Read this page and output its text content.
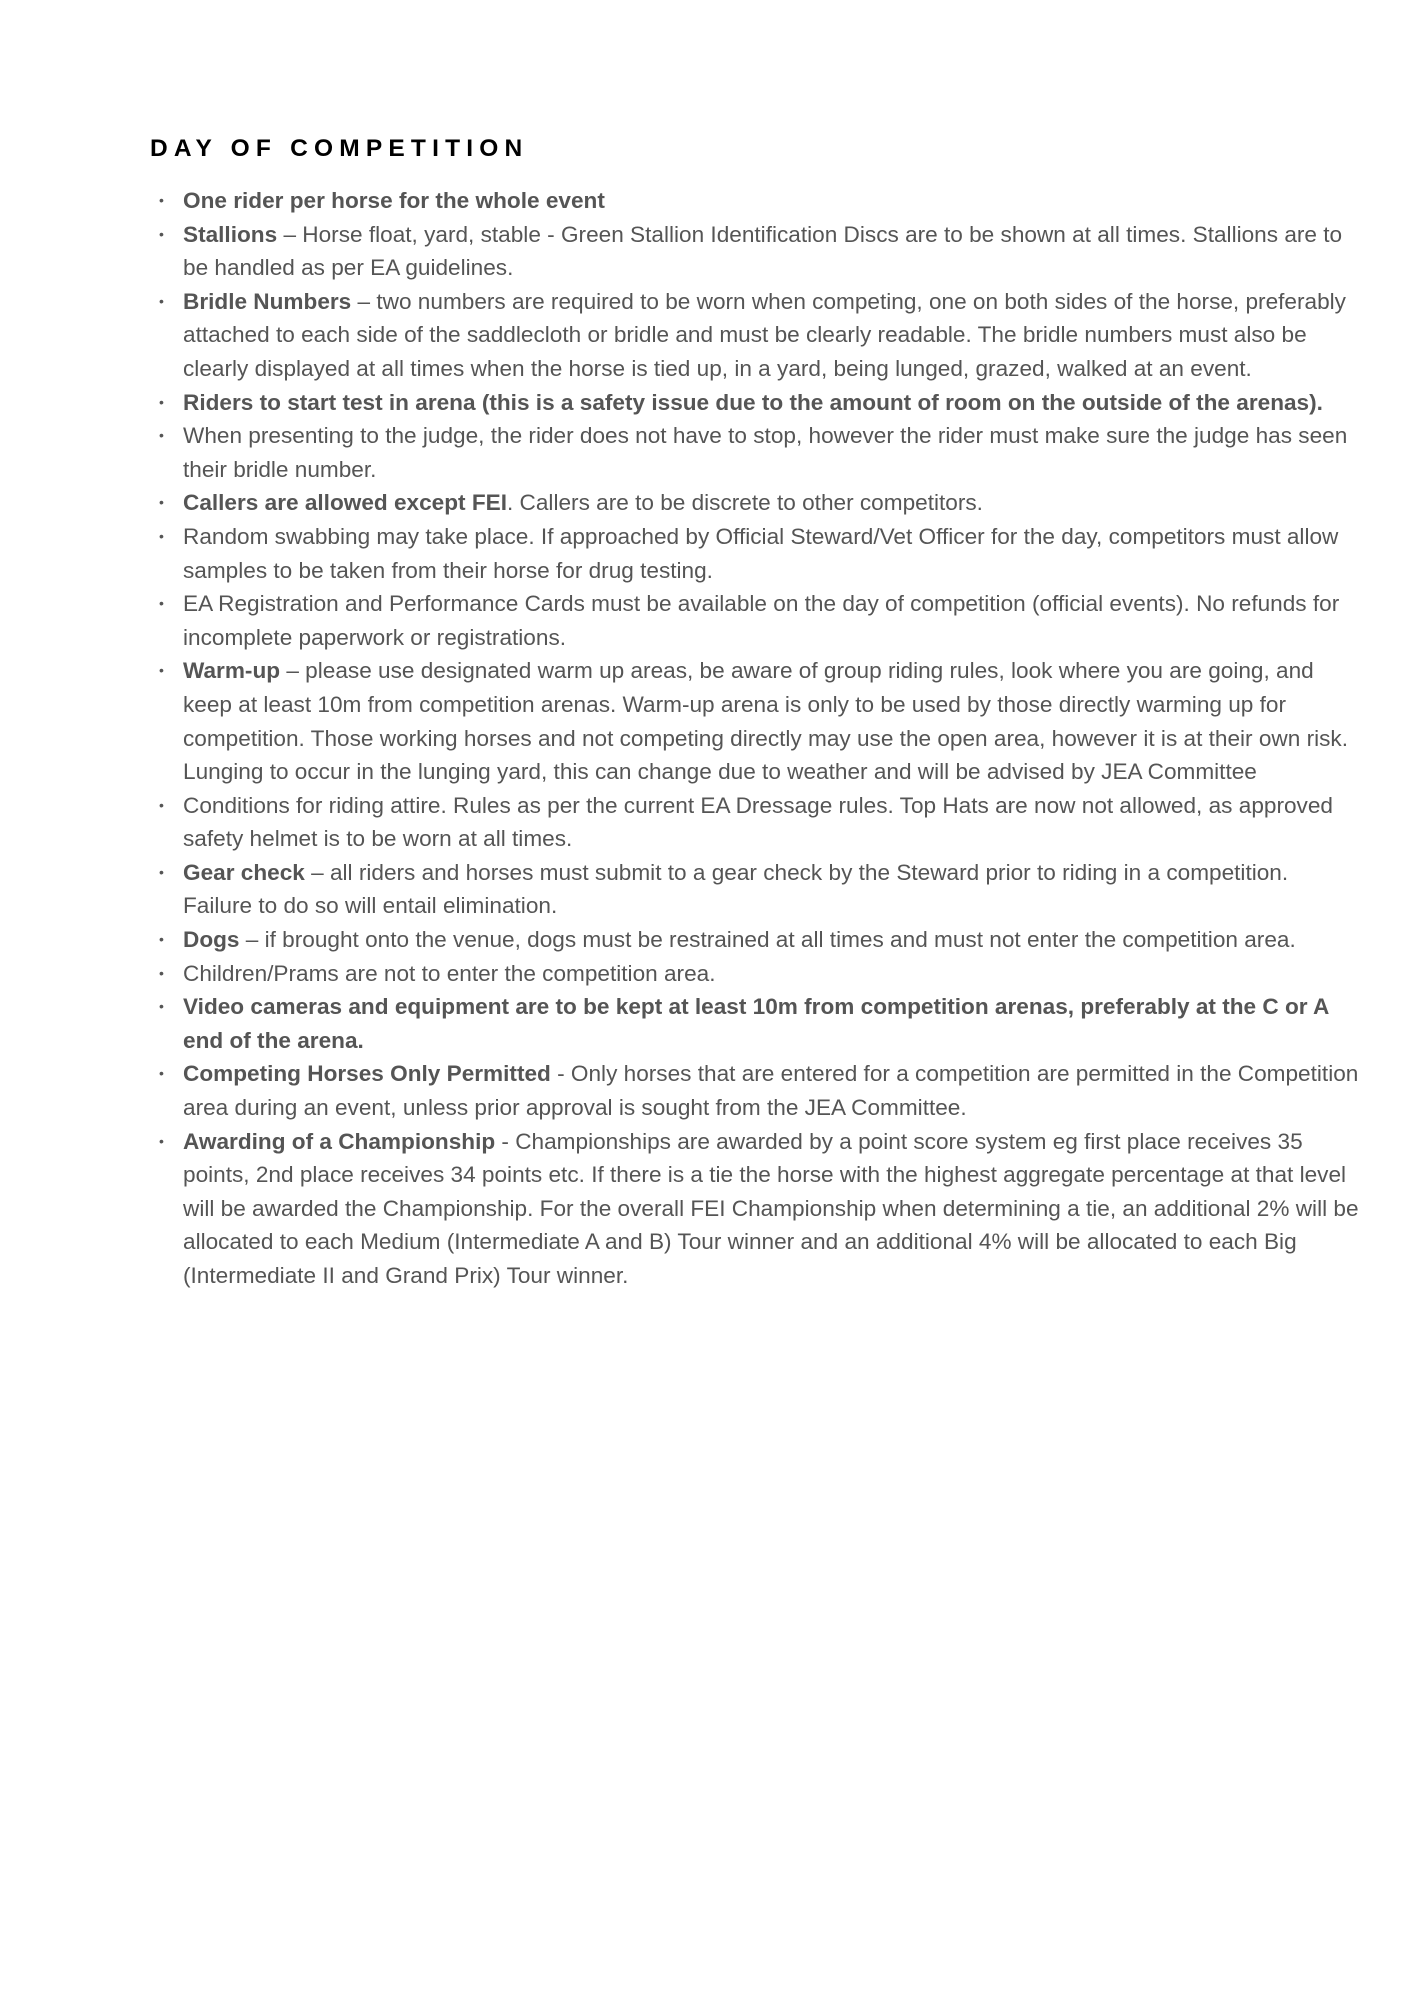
DAY OF COMPETITION
• One rider per horse for the whole event
• Stallions – Horse float, yard, stable - Green Stallion Identification Discs are to be shown at all times. Stallions are to be handled as per EA guidelines.
• Bridle Numbers – two numbers are required to be worn when competing, one on both sides of the horse, preferably attached to each side of the saddlecloth or bridle and must be clearly readable. The bridle numbers must also be clearly displayed at all times when the horse is tied up, in a yard, being lunged, grazed, walked at an event.
• Riders to start test in arena (this is a safety issue due to the amount of room on the outside of the arenas).
• When presenting to the judge, the rider does not have to stop, however the rider must make sure the judge has seen their bridle number.
• Callers are allowed except FEI. Callers are to be discrete to other competitors.
• Random swabbing may take place. If approached by Official Steward/Vet Officer for the day, competitors must allow samples to be taken from their horse for drug testing.
• EA Registration and Performance Cards must be available on the day of competition (official events). No refunds for incomplete paperwork or registrations.
• Warm-up – please use designated warm up areas, be aware of group riding rules, look where you are going, and keep at least 10m from competition arenas. Warm-up arena is only to be used by those directly warming up for competition. Those working horses and not competing directly may use the open area, however it is at their own risk. Lunging to occur in the lunging yard, this can change due to weather and will be advised by JEA Committee
• Conditions for riding attire. Rules as per the current EA Dressage rules. Top Hats are now not allowed, as approved safety helmet is to be worn at all times.
• Gear check – all riders and horses must submit to a gear check by the Steward prior to riding in a competition. Failure to do so will entail elimination.
• Dogs – if brought onto the venue, dogs must be restrained at all times and must not enter the competition area.
• Children/Prams are not to enter the competition area.
• Video cameras and equipment are to be kept at least 10m from competition arenas, preferably at the C or A end of the arena.
• Competing Horses Only Permitted - Only horses that are entered for a competition are permitted in the Competition area during an event, unless prior approval is sought from the JEA Committee.
• Awarding of a Championship - Championships are awarded by a point score system eg first place receives 35 points, 2nd place receives 34 points etc. If there is a tie the horse with the highest aggregate percentage at that level will be awarded the Championship. For the overall FEI Championship when determining a tie, an additional 2% will be allocated to each Medium (Intermediate A and B) Tour winner and an additional 4% will be allocated to each Big (Intermediate II and Grand Prix) Tour winner.
